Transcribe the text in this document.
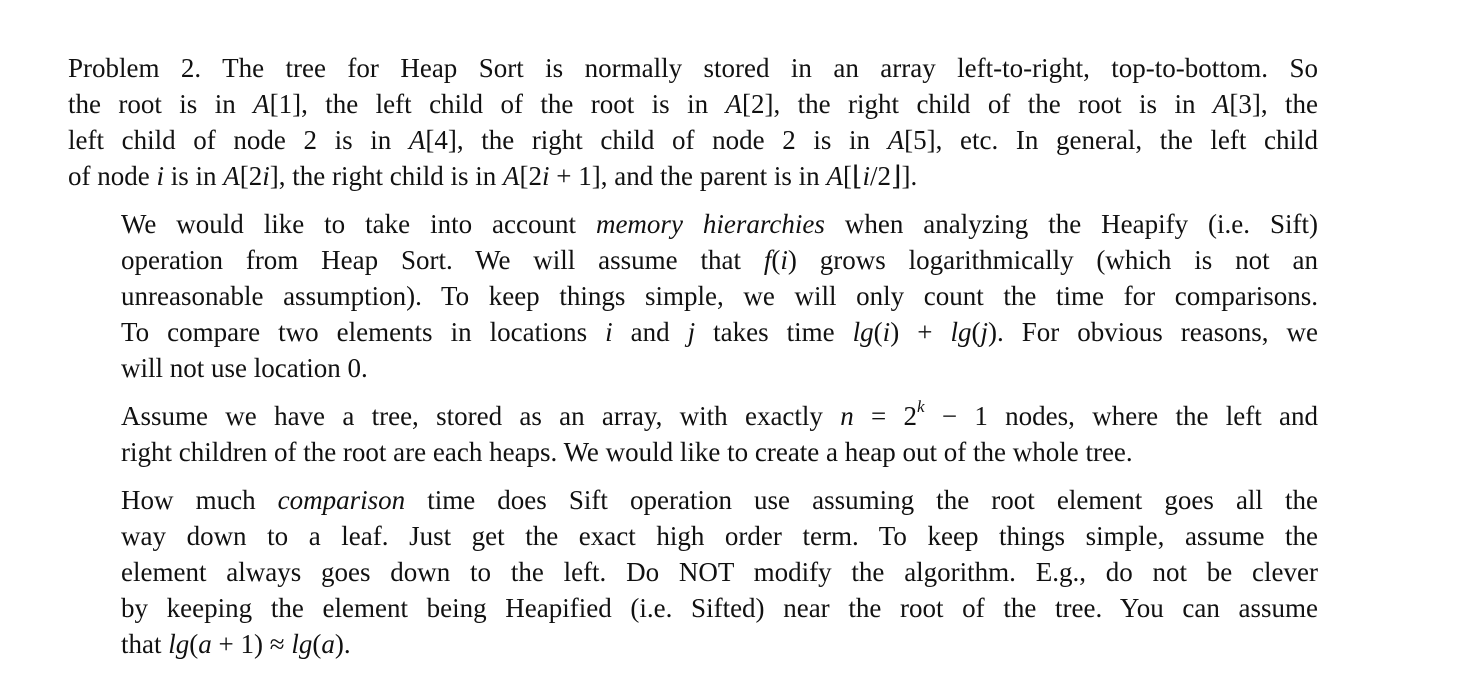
Problem 2. The tree for Heap Sort is normally stored in an array left-to-right, top-to-bottom. So
the root is in A[1], the left child of the root is in A[2], the right child of the root is in A[3], the
left child of node 2 is in A[4], the right child of node 2 is in A[5], etc. In general, the left child
of node i is in A[2i], the right child is in A[2i + 1], and the parent is in A[⌊i/2⌋].
We would like to take into account memory hierarchies when analyzing the Heapify (i.e. Sift)
operation from Heap Sort. We will assume that f(i) grows logarithmically (which is not an
unreasonable assumption). To keep things simple, we will only count the time for comparisons.
To compare two elements in locations i and j takes time lg(i) + lg(j). For obvious reasons, we
will not use location 0.
Assume we have a tree, stored as an array, with exactly $n = 2^k - 1$ nodes, where the left and
right children of the root are each heaps. We would like to create a heap out of the whole tree.
How much comparison time does Sift operation use assuming the root element goes all the
way down to a leaf. Just get the exact high order term. To keep things simple, assume the
element always goes down to the left. Do NOT modify the algorithm. E.g., do not be clever
by keeping the element being Heapified (i.e. Sifted) near the root of the tree. You can assume
that lg(a + 1) ≈ lg(a).
